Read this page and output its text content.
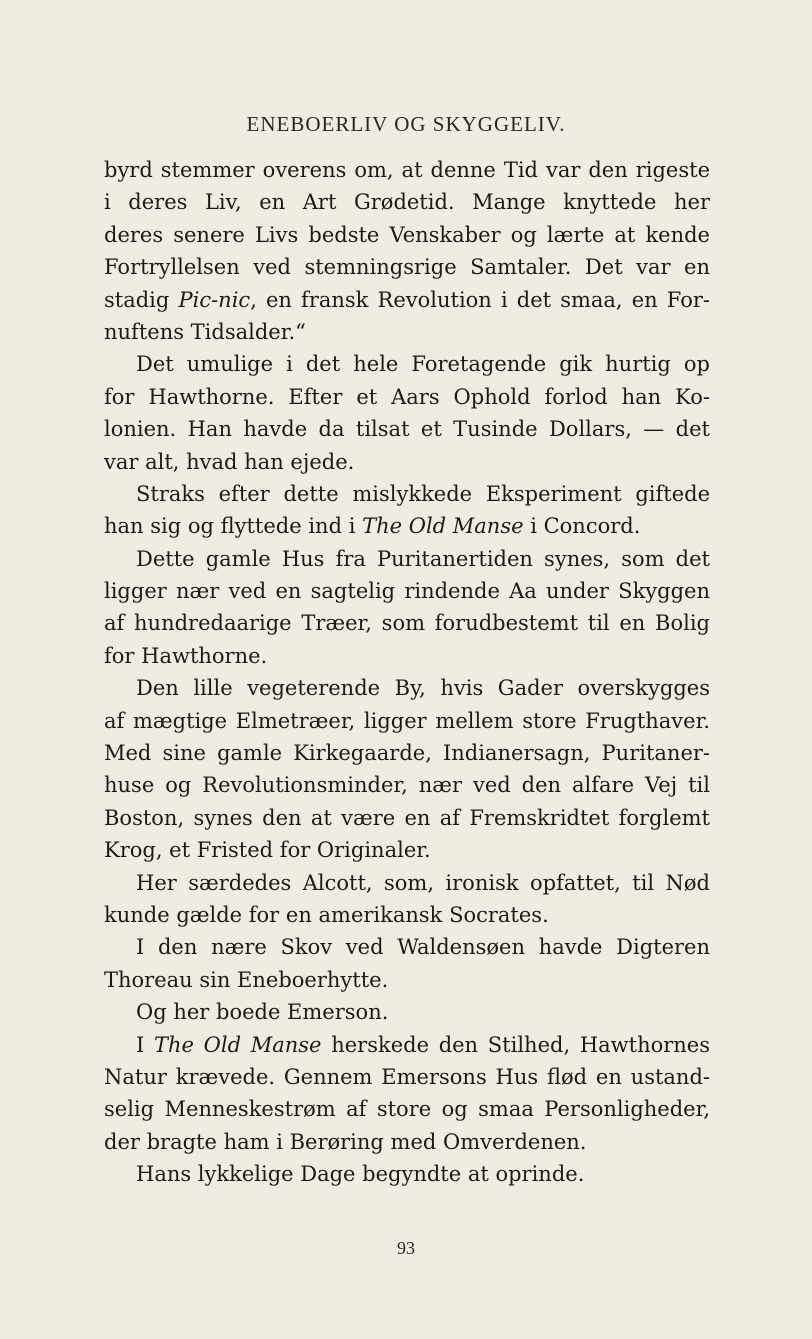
ENEBOERLIV OG SKYGGELIV.
byrd stemmer overens om, at denne Tid var den rigeste
i deres Liv, en Art Grødetid. Mange knyttede her
deres senere Livs bedste Venskaber og lærte at kende
Fortryllelsen ved stemningsrige Samtaler. Det var en
stadig Pic-nic, en fransk Revolution i det smaa, en For-
nuftens Tidsalder.“
Det umulige i det hele Foretagende gik hurtig op
for Hawthorne. Efter et Aars Ophold forlod han Ko-
lonien. Han havde da tilsat et Tusinde Dollars, — det
var alt, hvad han ejede.
Straks efter dette mislykkede Eksperiment giftede
han sig og flyttede ind i The Old Manse i Concord.
Dette gamle Hus fra Puritanertiden synes, som det
ligger nær ved en sagtelig rindende Aa under Skyggen
af hundredaarige Træer, som forudbestemt til en Bolig
for Hawthorne.
Den lille vegeterende By, hvis Gader overskygges
af mægtige Elmetræer, ligger mellem store Frugthaver.
Med sine gamle Kirkegaarde, Indianersagn, Puritaner-
huse og Revolutionsminder, nær ved den alfare Vej til
Boston, synes den at være en af Fremskridtet forglemt
Krog, et Fristed for Originaler.
Her særdedes Alcott, som, ironisk opfattet, til Nød
kunde gælde for en amerikansk Socrates.
I den nære Skov ved Waldensøen havde Digteren
Thoreau sin Eneboerhytte.
Og her boede Emerson.
I The Old Manse herskede den Stilhed, Hawthornes
Natur krævede. Gennem Emersons Hus flød en ustand-
selig Menneskestrøm af store og smaa Personligheder,
der bragte ham i Berøring med Omverdenen.
Hans lykkelige Dage begyndte at oprinde.
93
